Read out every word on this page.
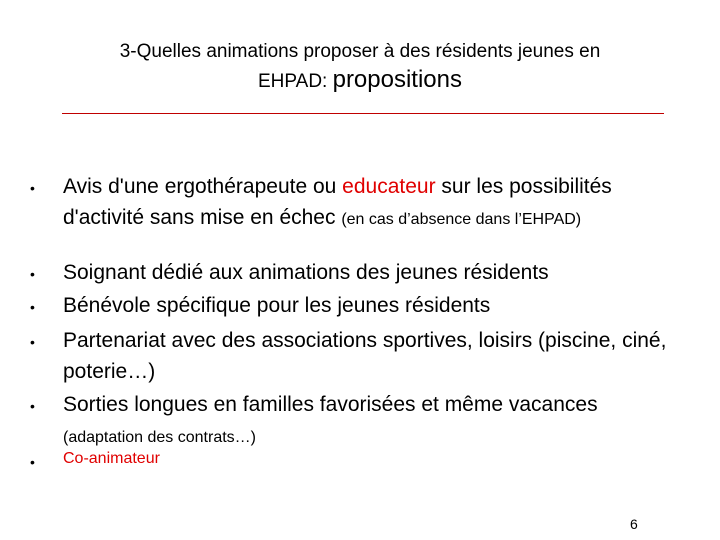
3-Quelles animations proposer à des résidents jeunes en
EHPAD: propositions
• Avis d'une ergothérapeute ou educateur sur les possibilités d'activité sans mise en échec (en cas d’absence dans l’EHPAD)
• Soignant dédié aux animations des jeunes résidents
• Bénévole spécifique pour les jeunes résidents
• Partenariat avec des associations sportives, loisirs (piscine, ciné, poterie…)
• Sorties longues en familles favorisées et même vacances (adaptation des contrats…)
• Co-animateur
6
